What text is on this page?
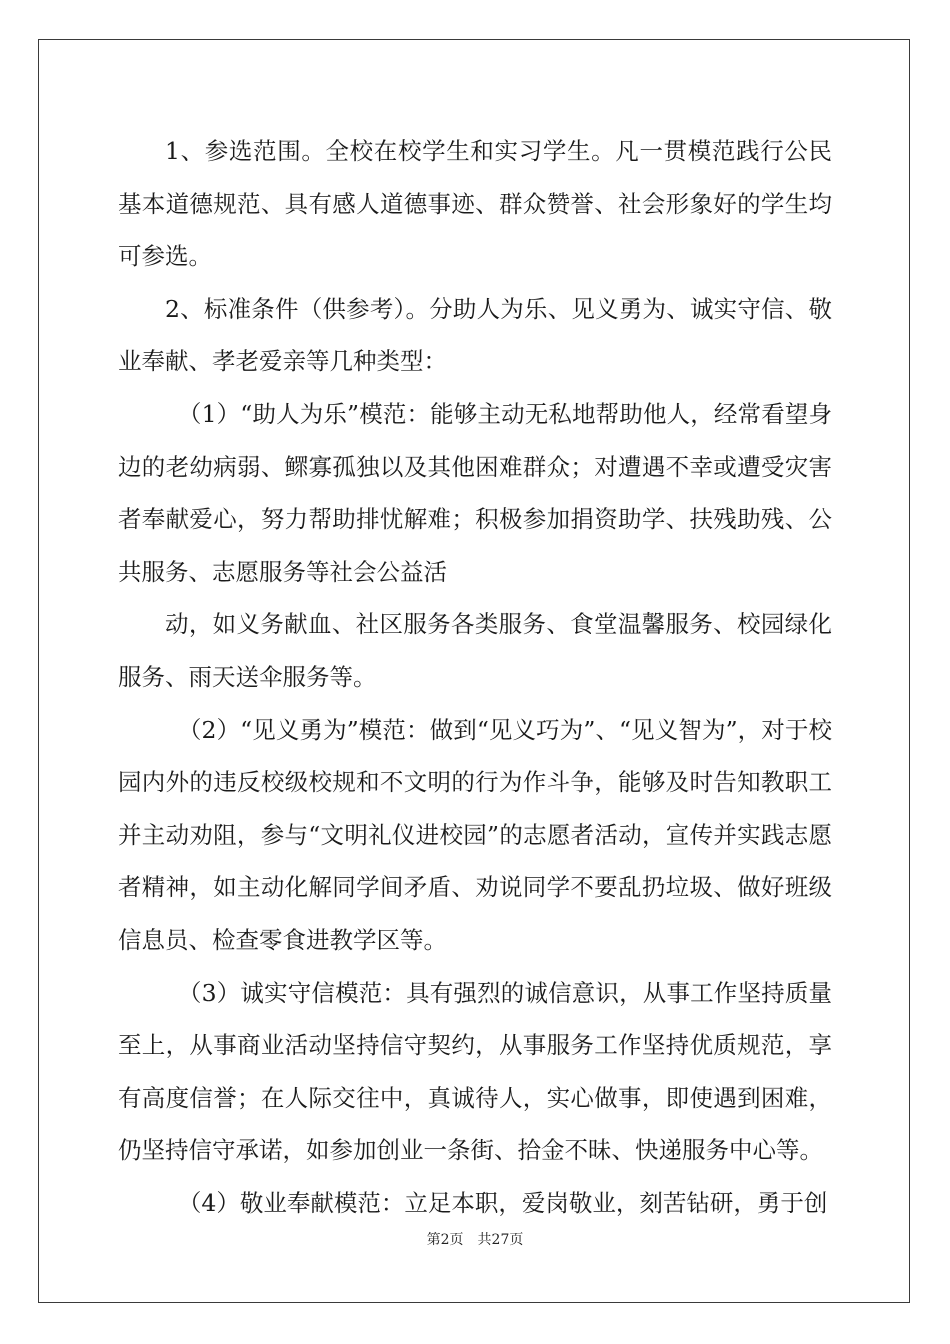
1、参选范围。全校在校学生和实习学生。凡一贯模范践行公民基本道德规范、具有感人道德事迹、群众赞誉、社会形象好的学生均可参选。

2、标准条件（供参考）。分助人为乐、见义勇为、诚实守信、敬业奉献、孝老爱亲等几种类型：

（1）“助人为乐”模范：能够主动无私地帮助他人，经常看望身边的老幼病弱、鳏寡孤独以及其他困难群众；对遭遇不幸或遭受灾害者奉献爱心，努力帮助排忧解难；积极参加捐资助学、扶残助残、公共服务、志愿服务等社会公益活

动，如义务献血、社区服务各类服务、食堂温馨服务、校园绿化服务、雨天送伞服务等。

（2）“见义勇为”模范：做到“见义巧为”、“见义智为”，对于校园内外的违反校级校规和不文明的行为作斗争，能够及时告知教职工并主动劝阻，参与“文明礼仪进校园”的志愿者活动，宣传并实践志愿者精神，如主动化解同学间矛盾、劝说同学不要乱扔垃圾、做好班级信息员、检查零食进教学区等。

（3）诚实守信模范：具有强烈的诚信意识，从事工作坚持质量至上，从事商业活动坚持信守契约，从事服务工作坚持优质规范，享有高度信誉；在人际交往中，真诚待人，实心做事，即使遇到困难，仍坚持信守承诺，如参加创业一条街、拾金不昧、快递服务中心等。

（4）敬业奉献模范：立足本职，爱岗敬业，刻苦钻研，勇于创

第2页　共27页
